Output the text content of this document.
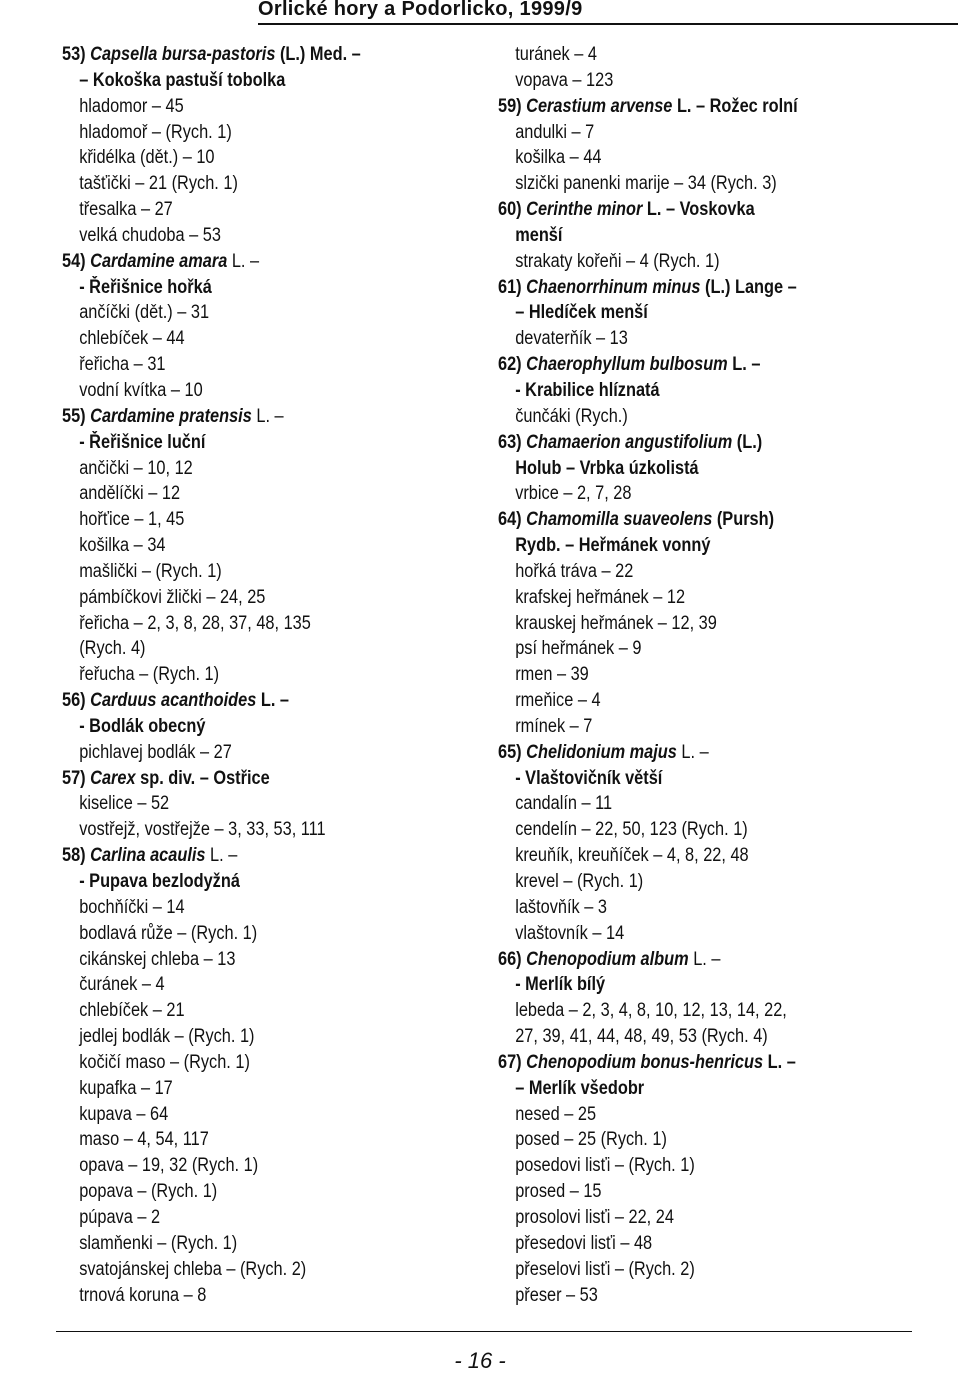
Orlické hory a Podorlicko, 1999/9
53) Capsella bursa-pastoris (L.) Med. –
– Kokoška pastuší tobolka
hladomor – 45
hladomoř – (Rych. 1)
křidélka (dět.) – 10
tašťički – 21 (Rych. 1)
třesalka – 27
velká chudoba – 53
54) Cardamine amara L. –
- Řeřišnice hořká
ančíčki (dět.) – 31
chlebíček – 44
řeřicha – 31
vodní kvítka – 10
55) Cardamine pratensis L. –
- Řeřišnice luční
ančički – 10, 12
andělíčki – 12
hořťice – 1, 45
košilka – 34
mašlički – (Rych. 1)
pámbíčkovi žlički – 24, 25
řeřicha – 2, 3, 8, 28, 37, 48, 135
(Rych. 4)
řeřucha – (Rych. 1)
56) Carduus acanthoides L. –
- Bodlák obecný
pichlavej bodlák – 27
57) Carex sp. div. – Ostřice
kiselice – 52
vostřejž, vostřejže – 3, 33, 53, 111
58) Carlina acaulis L. –
- Pupava bezlodyžná
bochňíčki – 14
bodlavá růže – (Rych. 1)
cikánskej chleba – 13
čuránek – 4
chlebíček – 21
jedlej bodlák – (Rych. 1)
kočičí maso – (Rych. 1)
kupafka – 17
kupava – 64
maso – 4, 54, 117
opava – 19, 32 (Rych. 1)
popava – (Rych. 1)
púpava – 2
slamňenki – (Rych. 1)
svatojánskej chleba – (Rych. 2)
trnová koruna – 8
turánek – 4
vopava – 123
59) Cerastium arvense L. – Rožec rolní
andulki – 7
košilka – 44
slzički panenki marije – 34 (Rych. 3)
60) Cerinthe minor L. – Voskovka
menší
strakaty kořeňi – 4 (Rych. 1)
61) Chaenorrhinum minus (L.) Lange –
– Hledíček menší
devaterňík – 13
62) Chaerophyllum bulbosum L. –
- Krabilice hlíznatá
čunčáki (Rych.)
63) Chamaerion angustifolium (L.)
Holub – Vrbka úzkolistá
vrbice – 2, 7, 28
64) Chamomilla suaveolens (Pursh)
Rydb. – Heřmánek vonný
hořká tráva – 22
krafskej heřmánek – 12
krauskej heřmánek – 12, 39
psí heřmánek – 9
rmen – 39
rmeňice – 4
rmínek – 7
65) Chelidonium majus L. –
- Vlaštovičník větší
candalín – 11
cendelín – 22, 50, 123 (Rych. 1)
kreuňík, kreuňíček – 4, 8, 22, 48
krevel – (Rych. 1)
laštovňík – 3
vlaštovník – 14
66) Chenopodium album L. –
- Merlík bílý
lebeda – 2, 3, 4, 8, 10, 12, 13, 14, 22,
27, 39, 41, 44, 48, 49, 53 (Rych. 4)
67) Chenopodium bonus-henricus L. –
– Merlík všedobr
nesed – 25
posed – 25 (Rych. 1)
posedovi lisťi – (Rych. 1)
prosed – 15
prosolovi lisťi – 22, 24
přesedovi lisťi – 48
přeselovi lisťi – (Rych. 2)
přeser – 53
- 16 -
